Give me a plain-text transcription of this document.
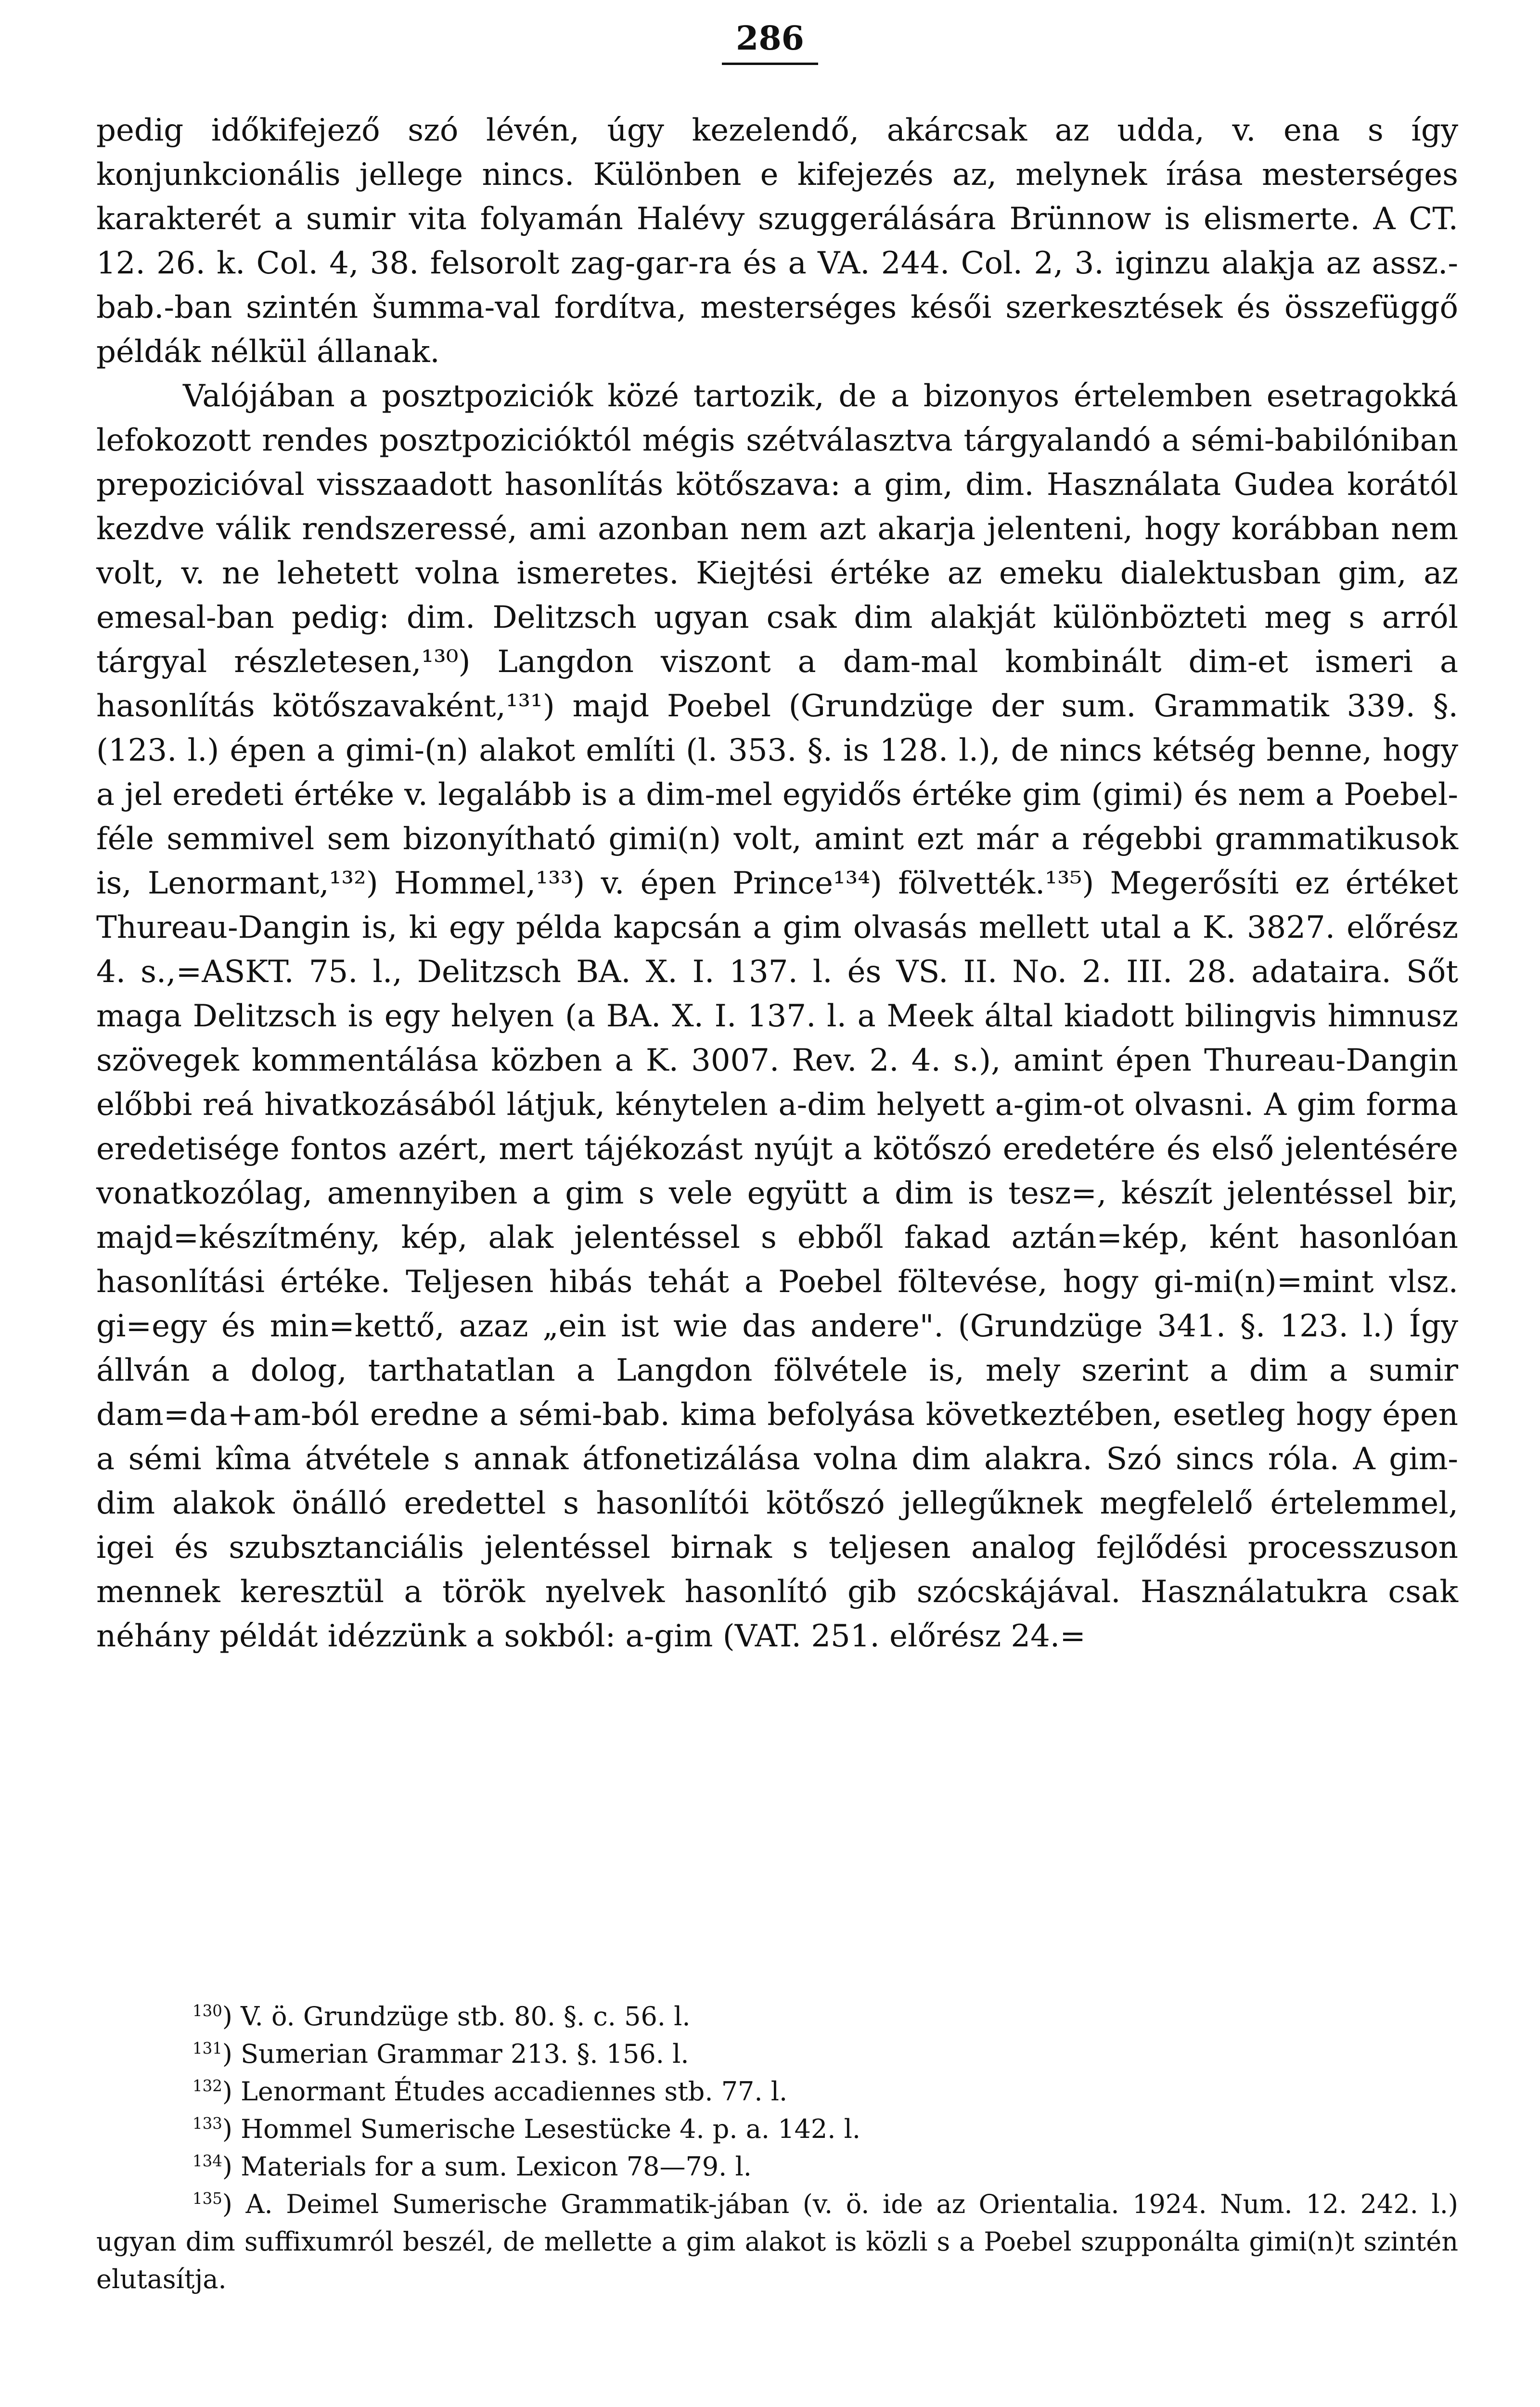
286

pedig időkifejező szó lévén, úgy kezelendő, akárcsak az udda, v. ena s így konjunkcionális jellege nincs. Különben e kifejezés az, melynek írása mesterséges karakterét a sumir vita folyamán Halévy szuggerálására Brünnow is elismerte. A CT. 12. 26. k. Col. 4, 38. felsorolt zag-gar-ra és a VA. 244. Col. 2, 3. iginzu alakja az assz.-bab.-ban szintén šumma-val fordítva, mesterséges késői szerkesztések és összefüggő példák nélkül állanak.

Valójában a posztpoziciók közé tartozik, de a bizonyos értelemben esetragokká lefokozott rendes posztpozicióktól mégis szétválasztva tárgyalandó a sémi-babilóniban prepozicióval visszaadott hasonlítás kötőszava: a gim, dim. Használata Gudea korától kezdve válik rendszeressé, ami azonban nem azt akarja jelenteni, hogy korábban nem volt, v. ne lehetett volna ismeretes. Kiejtési értéke az emeku dialektusban gim, az emesal-ban pedig: dim. Delitzsch ugyan csak dim alakját különbözteti meg s arról tárgyal részletesen,¹³⁰) Langdon viszont a dam-mal kombinált dim-et ismeri a hasonlítás kötőszavaként,¹³¹) majd Poebel (Grundzüge der sum. Grammatik 339. §. (123. l.) épen a gimi-(n) alakot említi (l. 353. §. is 128. l.), de nincs kétség benne, hogy a jel eredeti értéke v. legalább is a dim-mel egyidős értéke gim (gimi) és nem a Poebel-féle semmivel sem bizonyítható gimi(n) volt, amint ezt már a régebbi grammatikusok is, Lenormant,¹³²) Hommel,¹³³) v. épen Prince¹³⁴) fölvették.¹³⁵) Megerősíti ez értéket Thureau-Dangin is, ki egy példa kapcsán a gim olvasás mellett utal a K. 3827. előrész 4. s.,=ASKT. 75. l., Delitzsch BA. X. I. 137. l. és VS. II. No. 2. III. 28. adataira. Sőt maga Delitzsch is egy helyen (a BA. X. I. 137. l. a Meek által kiadott bilingvis himnusz szövegek kommentálása közben a K. 3007. Rev. 2. 4. s.), amint épen Thureau-Dangin előbbi reá hivatkozásából látjuk, kénytelen a-dim helyett a-gim-ot olvasni. A gim forma eredetisége fontos azért, mert tájékozást nyújt a kötőszó eredetére és első jelentésére vonatkozólag, amennyiben a gim s vele együtt a dim is tesz=, készít jelentéssel bir, majd=készítmény, kép, alak jelentéssel s ebből fakad aztán=kép, ként hasonlóan hasonlítási értéke. Teljesen hibás tehát a Poebel föltevése, hogy gi-mi(n)=mint vlsz. gi=egy és min=kettő, azaz „ein ist wie das andere". (Grundzüge 341. §. 123. l.) Így állván a dolog, tarthatatlan a Langdon fölvétele is, mely szerint a dim a sumir dam=da+am-ból eredne a sémi-bab. kima befolyása következtében, esetleg hogy épen a sémi kîma átvétele s annak átfonetizálása volna dim alakra. Szó sincs róla. A gim-dim alakok önálló eredettel s hasonlítói kötőszó jellegűknek megfelelő értelemmel, igei és szubsztanciális jelentéssel birnak s teljesen analog fejlődési processzuson mennek keresztül a török nyelvek hasonlító gib szócskájával. Használatukra csak néhány példát idézzünk a sokból: a-gim (VAT. 251. előrész 24.=

$^{130}$) V. ö. Grundzüge stb. 80. §. c. 56. l.

$^{131}$) Sumerian Grammar 213. §. 156. l.

$^{132}$) Lenormant Études accadiennes stb. 77. l.

$^{133}$) Hommel Sumerische Lesestücke 4. p. a. 142. l.

$^{134}$) Materials for a sum. Lexicon 78—79. l.

$^{135}$) A. Deimel Sumerische Grammatik-jában (v. ö. ide az Orientalia. 1924. Num. 12. 242. l.) ugyan dim suffixumról beszél, de mellette a gim alakot is közli s a Poebel szupponálta gimi(n)t szintén elutasítja.
